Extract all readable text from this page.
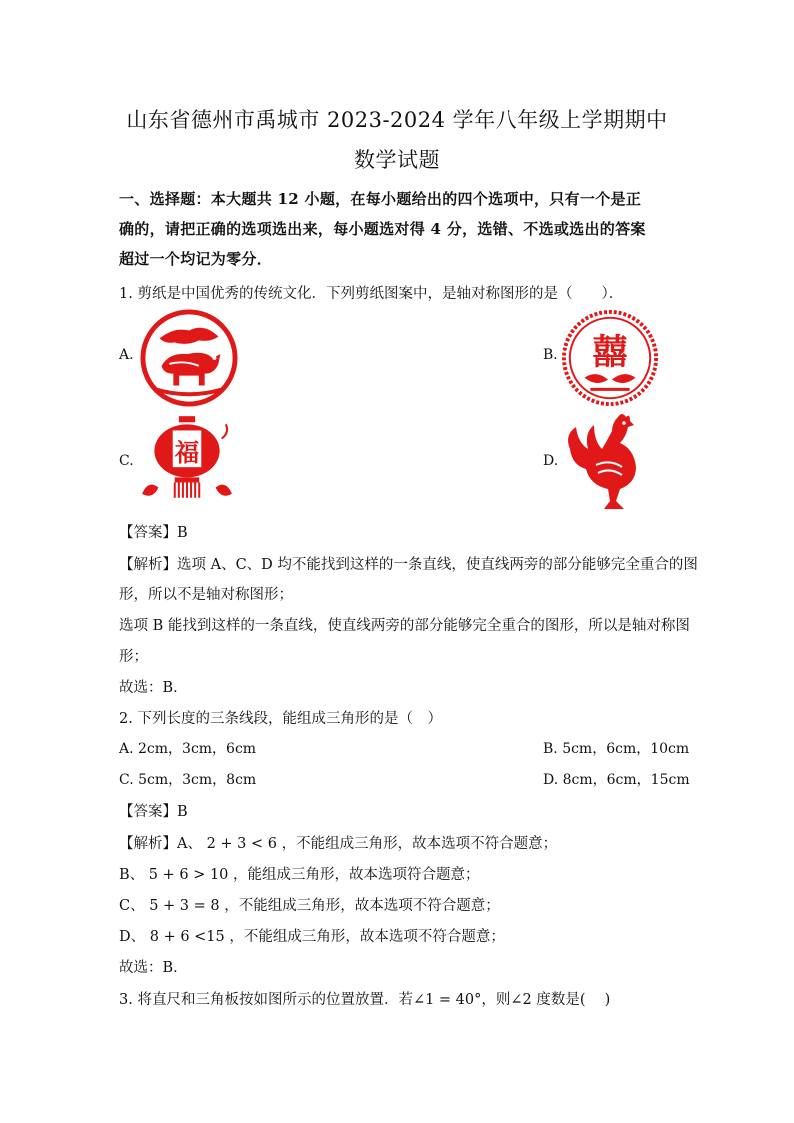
山东省德州市禹城市 2023-2024 学年八年级上学期期中
数学试题
一、选择题：本大题共 12 小题，在每小题给出的四个选项中，只有一个是正
确的，请把正确的选项选出来，每小题选对得 4 分，选错、不选或选出的答案
超过一个均记为零分．
1. 剪纸是中国优秀的传统文化．下列剪纸图案中，是轴对称图形的是（　　）．
A.	B. 囍
C. 福	D.
【答案】B
【解析】选项 A、C、D 均不能找到这样的一条直线，使直线两旁的部分能够完全重合的图
形，所以不是轴对称图形；
选项 B 能找到这样的一条直线，使直线两旁的部分能够完全重合的图形，所以是轴对称图
形；
故选：B．
2. 下列长度的三条线段，能组成三角形的是（　）
A. 2cm，3cm，6cm	B. 5cm，6cm，10cm
C. 5cm，3cm，8cm	D. 8cm，6cm，15cm
【答案】B
【解析】A、 2 + 3 < 6 ，不能组成三角形，故本选项不符合题意；
B、 5 + 6 > 10 ，能组成三角形，故本选项符合题意；
C、 5 + 3 = 8 ，不能组成三角形，故本选项不符合题意；
D、 8 + 6 <15 ，不能组成三角形，故本选项不符合题意；
故选：B．
3. 将直尺和三角板按如图所示的位置放置．若∠1 = 40°，则∠2 度数是(　 )
